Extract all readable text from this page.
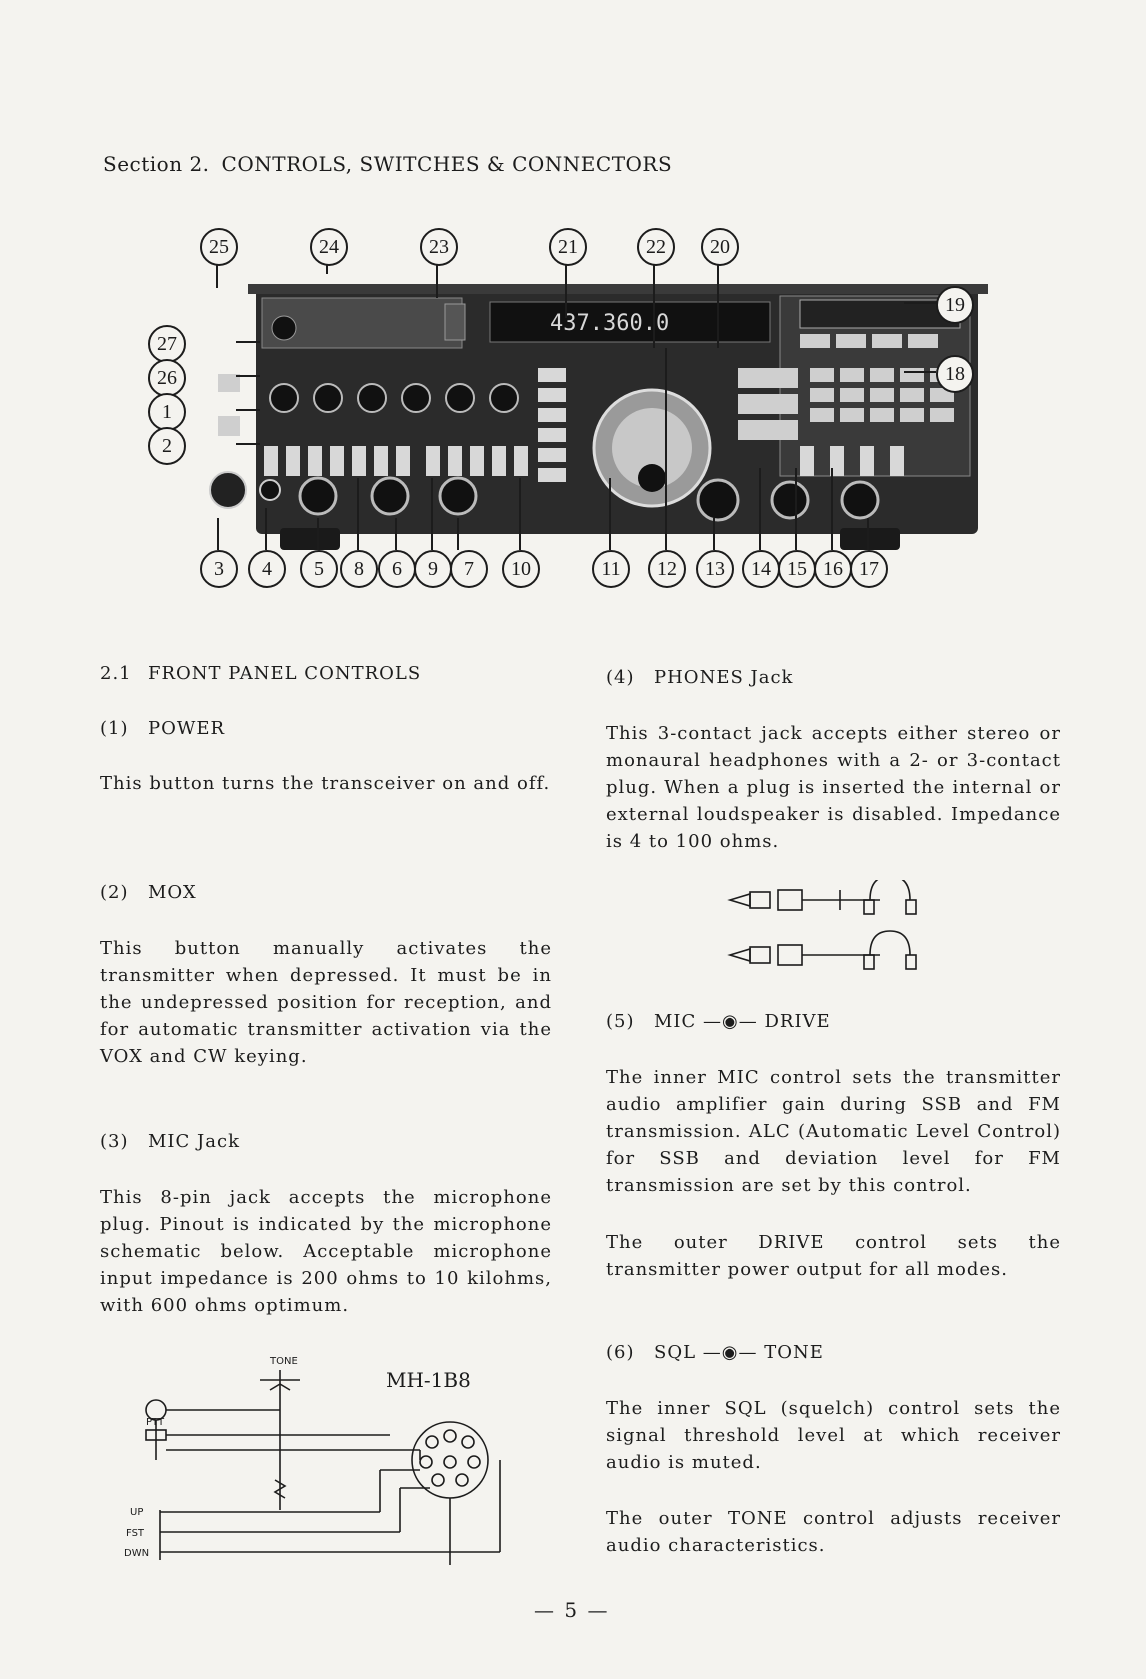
Section 2. CONTROLS, SWITCHES & CONNECTORS
437.360.0
25	24	23	21	22	20
19
18
27
26
1
2
3	4	5	8	6	9	7	10	11	12	13	14 15 16 17
2.1 FRONT PANEL CONTROLS
(1) POWER
This button turns the transceiver on and off.
(2) MOX
This button manually activates the transmitter when depressed. It must be in the undepressed position for reception, and for automatic transmitter activation via the VOX and CW keying.
(3) MIC Jack
This 8-pin jack accepts the microphone plug. Pinout is indicated by the microphone schematic below. Acceptable microphone input impedance is 200 ohms to 10 kilohms, with 600 ohms optimum.
TONE
PTT
UP
FST
DWN
MH-1B8
(4) PHONES Jack
This 3-contact jack accepts either stereo or monaural headphones with a 2- or 3-contact plug. When a plug is inserted the internal or external loudspeaker is disabled. Impedance is 4 to 100 ohms.
(5) MIC —◉— DRIVE
The inner MIC control sets the transmitter audio amplifier gain during SSB and FM transmission. ALC (Automatic Level Control) for SSB and deviation level for FM transmission are set by this control.
The outer DRIVE control sets the transmitter power output for all modes.
(6) SQL —◉— TONE
The inner SQL (squelch) control sets the signal threshold level at which receiver audio is muted.
The outer TONE control adjusts receiver audio characteristics.
— 5 —
